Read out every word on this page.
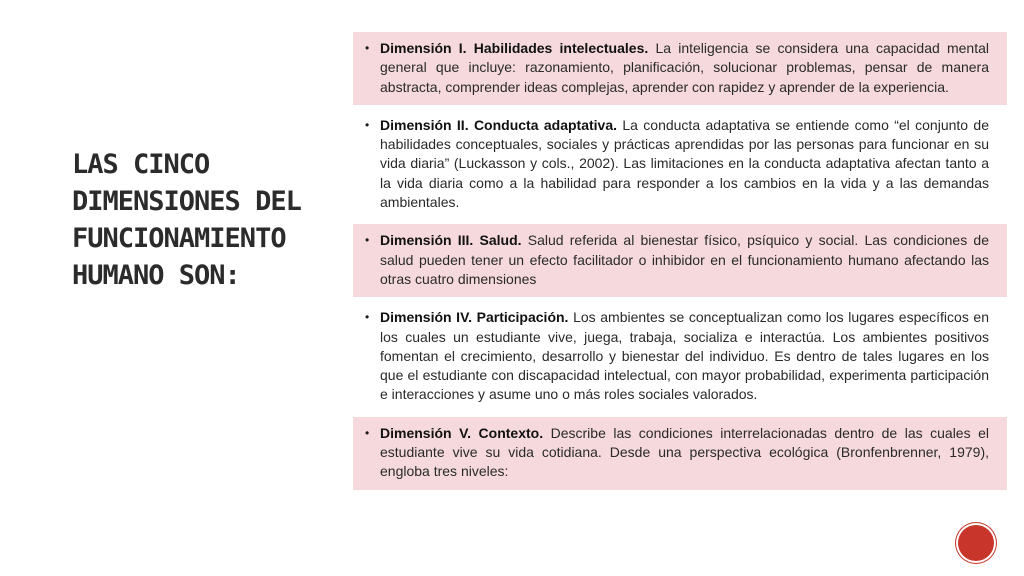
LAS CINCO DIMENSIONES DEL FUNCIONAMIENTO HUMANO SON:
• Dimensión I. Habilidades intelectuales. La inteligencia se considera una capacidad mental general que incluye: razonamiento, planificación, solucionar problemas, pensar de manera abstracta, comprender ideas complejas, aprender con rapidez y aprender de la experiencia.
• Dimensión II. Conducta adaptativa. La conducta adaptativa se entiende como “el conjunto de habilidades conceptuales, sociales y prácticas aprendidas por las personas para funcionar en su vida diaria” (Luckasson y cols., 2002). Las limitaciones en la conducta adaptativa afectan tanto a la vida diaria como a la habilidad para responder a los cambios en la vida y a las demandas ambientales.
• Dimensión III. Salud. Salud referida al bienestar físico, psíquico y social. Las condiciones de salud pueden tener un efecto facilitador o inhibidor en el funcionamiento humano afectando las otras cuatro dimensiones
• Dimensión IV. Participación. Los ambientes se conceptualizan como los lugares específicos en los cuales un estudiante vive, juega, trabaja, socializa e interactúa. Los ambientes positivos fomentan el crecimiento, desarrollo y bienestar del individuo. Es dentro de tales lugares en los que el estudiante con discapacidad intelectual, con mayor probabilidad, experimenta participación e interacciones y asume uno o más roles sociales valorados.
• Dimensión V. Contexto. Describe las condiciones interrelacionadas dentro de las cuales el estudiante vive su vida cotidiana. Desde una perspectiva ecológica (Bronfenbrenner, 1979), engloba tres niveles:
